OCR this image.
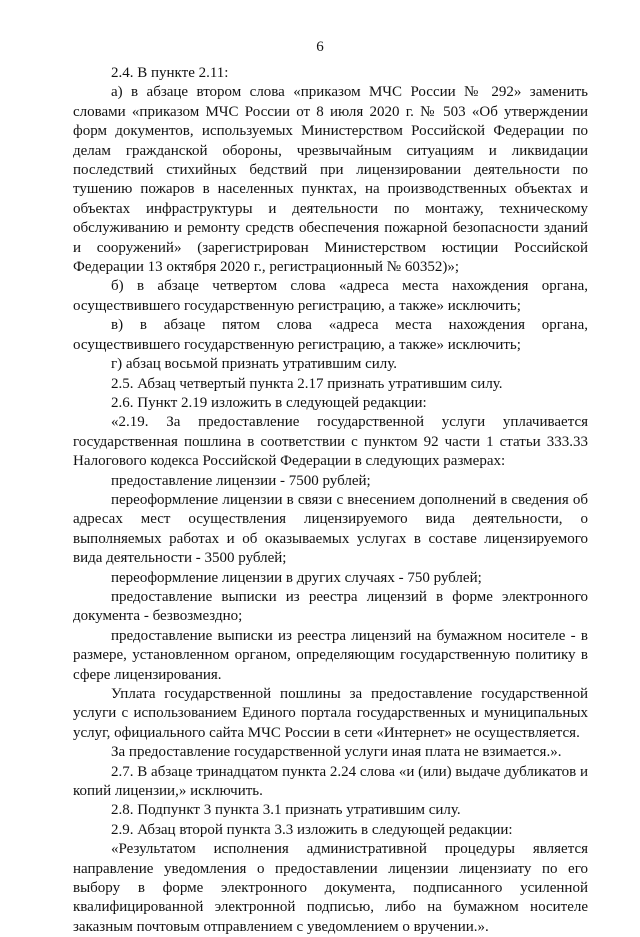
6

2.4. В пункте 2.11:

а) в абзаце втором слова «приказом МЧС России № 292» заменить словами «приказом МЧС России от 8 июля 2020 г. № 503 «Об утверждении форм документов, используемых Министерством Российской Федерации по делам гражданской обороны, чрезвычайным ситуациям и ликвидации последствий стихийных бедствий при лицензировании деятельности по тушению пожаров в населенных пунктах, на производственных объектах и объектах инфраструктуры и деятельности по монтажу, техническому обслуживанию и ремонту средств обеспечения пожарной безопасности зданий и сооружений» (зарегистрирован Министерством юстиции Российской Федерации 13 октября 2020 г., регистрационный № 60352)»;

б) в абзаце четвертом слова «адреса места нахождения органа, осуществившего государственную регистрацию, а также» исключить;

в) в абзаце пятом слова «адреса места нахождения органа, осуществившего государственную регистрацию, а также» исключить;

г) абзац восьмой признать утратившим силу.

2.5. Абзац четвертый пункта 2.17 признать утратившим силу.

2.6. Пункт 2.19 изложить в следующей редакции:

«2.19. За предоставление государственной услуги уплачивается государственная пошлина в соответствии с пунктом 92 части 1 статьи 333.33 Налогового кодекса Российской Федерации в следующих размерах:

предоставление лицензии - 7500 рублей;

переоформление лицензии в связи с внесением дополнений в сведения об адресах мест осуществления лицензируемого вида деятельности, о выполняемых работах и об оказываемых услугах в составе лицензируемого вида деятельности - 3500 рублей;

переоформление лицензии в других случаях - 750 рублей;

предоставление выписки из реестра лицензий в форме электронного документа - безвозмездно;

предоставление выписки из реестра лицензий на бумажном носителе - в размере, установленном органом, определяющим государственную политику в сфере лицензирования.

Уплата государственной пошлины за предоставление государственной услуги с использованием Единого портала государственных и муниципальных услуг, официального сайта МЧС России в сети «Интернет» не осуществляется.

За предоставление государственной услуги иная плата не взимается.».

2.7. В абзаце тринадцатом пункта 2.24 слова «и (или) выдаче дубликатов и копий лицензии,» исключить.

2.8. Подпункт 3 пункта 3.1 признать утратившим силу.

2.9. Абзац второй пункта 3.3 изложить в следующей редакции:

«Результатом исполнения административной процедуры является направление уведомления о предоставлении лицензии лицензиату по его выбору в форме электронного документа, подписанного усиленной квалифицированной электронной подписью, либо на бумажном носителе заказным почтовым отправлением с уведомлением о вручении.».
